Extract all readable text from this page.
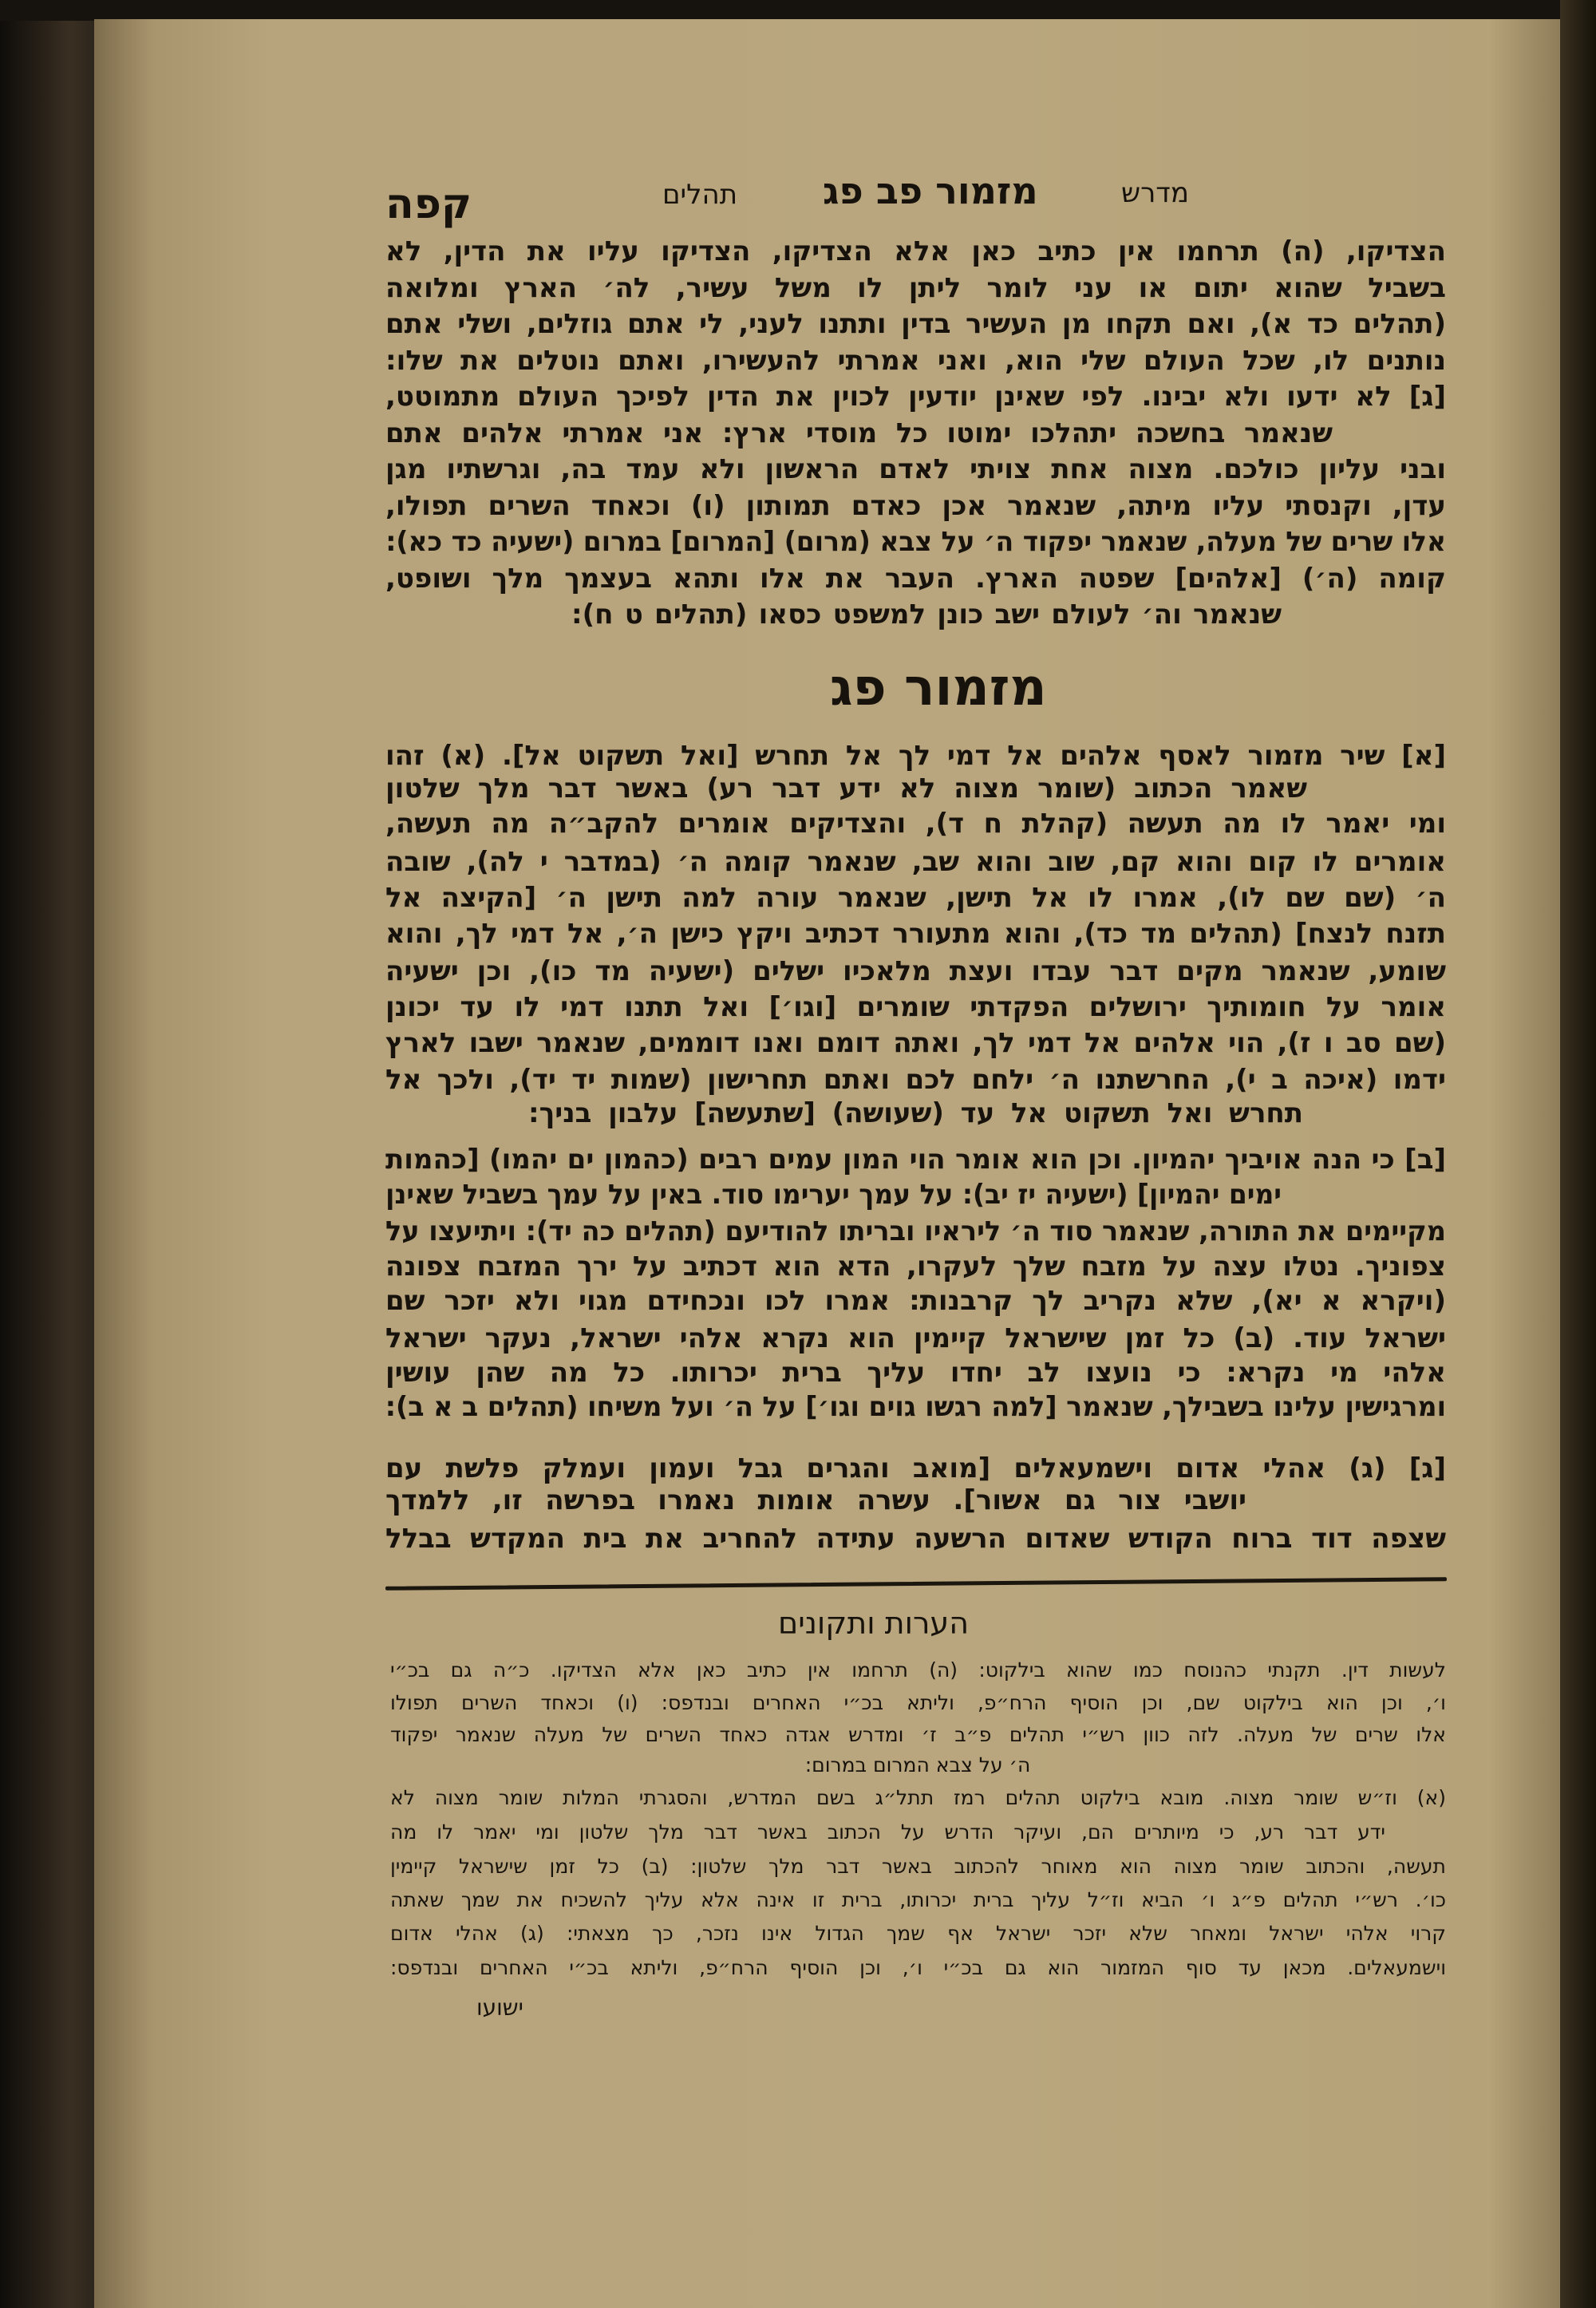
מדרש
מזמור פב פג
תהלים
קפה
הצדיקו, (ה) תרחמו אין כתיב כאן אלא הצדיקו, הצדיקו עליו את הדין, לא
בשביל שהוא יתום או עני לומר ליתן לו משל עשיר, לה׳ הארץ ומלואה
(תהלים כד א), ואם תקחו מן העשיר בדין ותתנו לעני, לי אתם גוזלים, ושלי אתם
נותנים לו, שכל העולם שלי הוא, ואני אמרתי להעשירו, ואתם נוטלים את שלו:
[ג] לא ידעו ולא יבינו. לפי שאינן יודעין לכוין את הדין לפיכך העולם מתמוטט,
שנאמר בחשכה יתהלכו ימוטו כל מוסדי ארץ: אני אמרתי אלהים אתם
ובני עליון כולכם. מצוה אחת צויתי לאדם הראשון ולא עמד בה, וגרשתיו מגן
עדן, וקנסתי עליו מיתה, שנאמר אכן כאדם תמותון (ו) וכאחד השרים תפולו,
אלו שרים של מעלה, שנאמר יפקוד ה׳ על צבא (מרום) [המרום] במרום (ישעיה כד כא):
קומה (ה׳) [אלהים] שפטה הארץ. העבר את אלו ותהא בעצמך מלך ושופט,
שנאמר וה׳ לעולם ישב כונן למשפט כסאו (תהלים ט ח):
מזמור פג
[א] שיר מזמור לאסף אלהים אל דמי לך אל תחרש [ואל תשקוט אל]. (א) זהו
שאמר הכתוב (שומר מצוה לא ידע דבר רע) באשר דבר מלך שלטון
ומי יאמר לו מה תעשה (קהלת ח ד), והצדיקים אומרים להקב״ה מה תעשה,
אומרים לו קום והוא קם, שוב והוא שב, שנאמר קומה ה׳ (במדבר י לה), שובה
ה׳ (שם שם לו), אמרו לו אל תישן, שנאמר עורה למה תישן ה׳ [הקיצה אל
תזנח לנצח] (תהלים מד כד), והוא מתעורר דכתיב ויקץ כישן ה׳, אל דמי לך, והוא
שומע, שנאמר מקים דבר עבדו ועצת מלאכיו ישלים (ישעיה מד כו), וכן ישעיה
אומר על חומותיך ירושלים הפקדתי שומרים [וגו׳] ואל תתנו דמי לו עד יכונן
(שם סב ו ז), הוי אלהים אל דמי לך, ואתה דומם ואנו דוממים, שנאמר ישבו לארץ
ידמו (איכה ב י), החרשתנו ה׳ ילחם לכם ואתם תחרישון (שמות יד יד), ולכך אל
תחרש ואל תשקוט אל עד (שעושה) [שתעשה] עלבון בניך:
[ב] כי הנה אויביך יהמיון. וכן הוא אומר הוי המון עמים רבים (כהמון ים יהמו) [כהמות
ימים יהמיון] (ישעיה יז יב): על עמך יערימו סוד. באין על עמך בשביל שאינן
מקיימים את התורה, שנאמר סוד ה׳ ליראיו ובריתו להודיעם (תהלים כה יד): ויתיעצו על
צפוניך. נטלו עצה על מזבח שלך לעקרו, הדא הוא דכתיב על ירך המזבח צפונה
(ויקרא א יא), שלא נקריב לך קרבנות: אמרו לכו ונכחידם מגוי ולא יזכר שם
ישראל עוד. (ב) כל זמן שישראל קיימין הוא נקרא אלהי ישראל, נעקר ישראל
אלהי מי נקרא: כי נועצו לב יחדו עליך ברית יכרותו. כל מה שהן עושין
ומרגישין עלינו בשבילך, שנאמר [למה רגשו גוים וגו׳] על ה׳ ועל משיחו (תהלים ב א ב):
[ג] (ג) אהלי אדום וישמעאלים [מואב והגרים גבל ועמון ועמלק פלשת עם
יושבי צור גם אשור]. עשרה אומות נאמרו בפרשה זו, ללמדך
שצפה דוד ברוח הקודש שאדום הרשעה עתידה להחריב את בית המקדש בבלל
הערות ותקונים
לעשות דין. תקנתי כהנוסח כמו שהוא בילקוט: (ה) תרחמו אין כתיב כאן אלא הצדיקו. כ״ה גם בכ״י
ו׳, וכן הוא בילקוט שם, וכן הוסיף הרח״פ, וליתא בכ״י האחרים ובנדפס: (ו) וכאחד השרים תפולו
אלו שרים של מעלה. לזה כוון רש״י תהלים פ״ב ז׳ ומדרש אגדה כאחד השרים של מעלה שנאמר יפקוד
ה׳ על צבא המרום במרום:
(א) וז״ש שומר מצוה. מובא בילקוט תהלים רמז תתל״ג בשם המדרש, והסגרתי המלות שומר מצוה לא
ידע דבר רע, כי מיותרים הם, ועיקר הדרש על הכתוב באשר דבר מלך שלטון ומי יאמר לו מה
תעשה, והכתוב שומר מצוה הוא מאוחר להכתוב באשר דבר מלך שלטון: (ב) כל זמן שישראל קיימין
כו׳. רש״י תהלים פ״ג ו׳ הביא וז״ל עליך ברית יכרותו, ברית זו אינה אלא עליך להשכיח את שמך שאתה
קרוי אלהי ישראל ומאחר שלא יזכר ישראל אף שמך הגדול אינו נזכר, כך מצאתי: (ג) אהלי אדום
וישמעאלים. מכאן עד סוף המזמור הוא גם בכ״י ו׳, וכן הוסיף הרח״פ, וליתא בכ״י האחרים ובנדפס:
ישועו
